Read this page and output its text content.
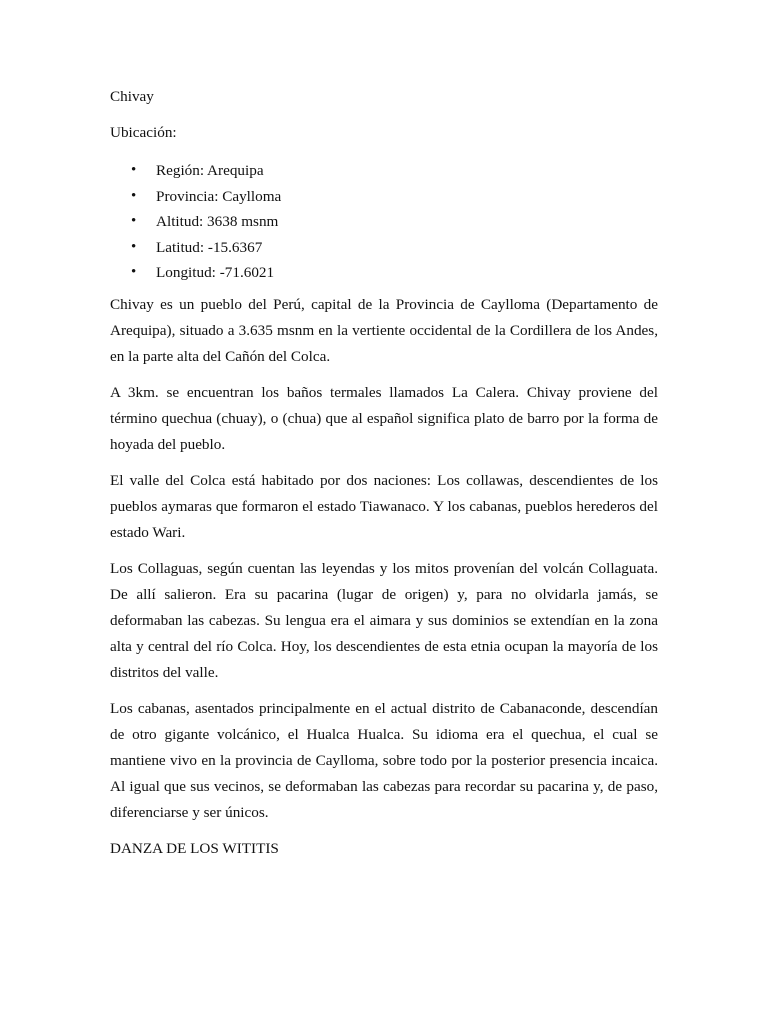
Chivay
Ubicación:
• Región: Arequipa
• Provincia: Caylloma
• Altitud: 3638 msnm
• Latitud: -15.6367
• Longitud: -71.6021

Chivay es un pueblo del Perú, capital de la Provincia de Caylloma (Departamento de Arequipa), situado a 3.635 msnm en la vertiente occidental de la Cordillera de los Andes, en la parte alta del Cañón del Colca.

A 3km. se encuentran los baños termales llamados La Calera. Chivay proviene del término quechua (chuay), o (chua) que al español significa plato de barro por la forma de hoyada del pueblo.

El valle del Colca está habitado por dos naciones: Los collawas, descendientes de los pueblos aymaras que formaron el estado Tiawanaco. Y los cabanas, pueblos herederos del estado Wari.

Los Collaguas, según cuentan las leyendas y los mitos provenían del volcán Collaguata. De allí salieron. Era su pacarina (lugar de origen) y, para no olvidarla jamás, se deformaban las cabezas. Su lengua era el aimara y sus dominios se extendían en la zona alta y central del río Colca. Hoy, los descendientes de esta etnia ocupan la mayoría de los distritos del valle.

Los cabanas, asentados principalmente en el actual distrito de Cabanaconde, descendían de otro gigante volcánico, el Hualca Hualca. Su idioma era el quechua, el cual se mantiene vivo en la provincia de Caylloma, sobre todo por la posterior presencia incaica. Al igual que sus vecinos, se deformaban las cabezas para recordar su pacarina y, de paso, diferenciarse y ser únicos.

DANZA DE LOS WITITIS
